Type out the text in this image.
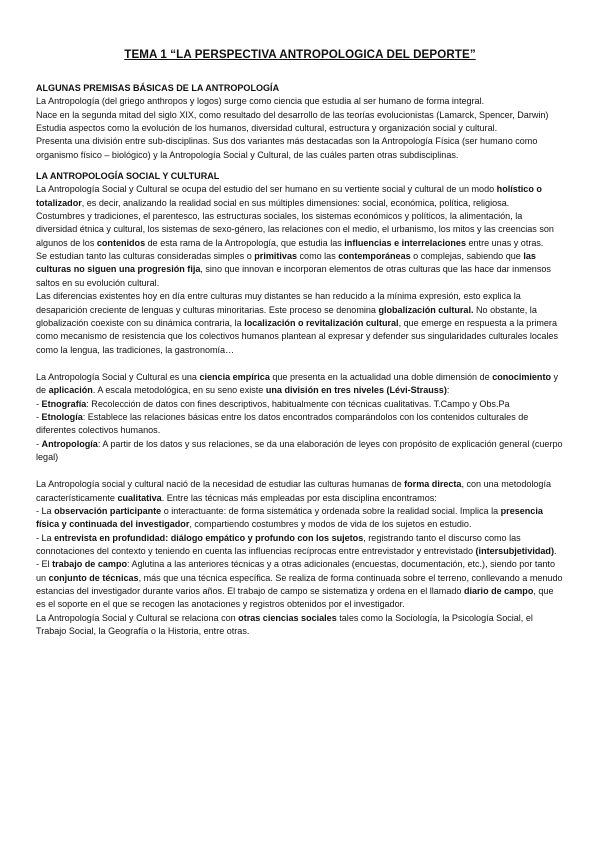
TEMA 1 “LA PERSPECTIVA ANTROPOLOGICA DEL DEPORTE”
ALGUNAS PREMISAS BÁSICAS DE LA ANTROPOLOGÍA

La Antropología (del griego anthropos y logos) surge como ciencia que estudia al ser humano de forma integral.

Nace en la segunda mitad del siglo XIX, como resultado del desarrollo de las teorías evolucionistas (Lamarck, Spencer, Darwin)

Estudia aspectos como la evolución de los humanos, diversidad cultural, estructura y organización social y cultural.

Presenta una división entre sub-disciplinas. Sus dos variantes más destacadas son la Antropología Física (ser humano como organismo físico – biológico) y la Antropología Social y Cultural, de las cuáles parten otras subdisciplinas.

LA ANTROPOLOGÍA SOCIAL Y CULTURAL

La Antropología Social y Cultural se ocupa del estudio del ser humano en su vertiente social y cultural de un modo holístico o totalizador, es decir, analizando la realidad social en sus múltiples dimensiones: social, económica, política, religiosa.

Costumbres y tradiciones, el parentesco, las estructuras sociales, los sistemas económicos y políticos, la alimentación, la diversidad étnica y cultural, los sistemas de sexo-género, las relaciones con el medio, el urbanismo, los mitos y las creencias son algunos de los contenidos de esta rama de la Antropología, que estudia las influencias e interrelaciones entre unas y otras.

Se estudian tanto las culturas consideradas simples o primitivas como las contemporáneas o complejas, sabiendo que las culturas no siguen una progresión fija, sino que innovan e incorporan elementos de otras culturas que las hace dar inmensos saltos en su evolución cultural.

Las diferencias existentes hoy en día entre culturas muy distantes se han reducido a la mínima expresión, esto explica la desaparición creciente de lenguas y culturas minoritarias. Este proceso se denomina globalización cultural. No obstante, la globalización coexiste con su dinámica contraria, la localización o revitalización cultural, que emerge en respuesta a la primera como mecanismo de resistencia que los colectivos humanos plantean al expresar y defender sus singularidades culturales locales como la lengua, las tradiciones, la gastronomía…

La Antropología Social y Cultural es una ciencia empírica que presenta en la actualidad una doble dimensión de conocimiento y de aplicación. A escala metodológica, en su seno existe una división en tres niveles (Lévi-Strauss):

- Etnografía: Recolección de datos con fines descriptivos, habitualmente con técnicas cualitativas. T.Campo y Obs.Pa

- Etnología: Establece las relaciones básicas entre los datos encontrados comparándolos con los contenidos culturales de diferentes colectivos humanos.

- Antropología: A partir de los datos y sus relaciones, se da una elaboración de leyes con propósito de explicación general (cuerpo legal)

La Antropología social y cultural nació de la necesidad de estudiar las culturas humanas de forma directa, con una metodología característicamente cualitativa. Entre las técnicas más empleadas por esta disciplina encontramos:

- La observación participante o interactuante: de forma sistemática y ordenada sobre la realidad social. Implica la presencia física y continuada del investigador, compartiendo costumbres y modos de vida de los sujetos en estudio.

- La entrevista en profundidad: diálogo empático y profundo con los sujetos, registrando tanto el discurso como las connotaciones del contexto y teniendo en cuenta las influencias recíprocas entre entrevistador y entrevistado (intersubjetividad).

- El trabajo de campo: Aglutina a las anteriores técnicas y a otras adicionales (encuestas, documentación, etc.), siendo por tanto un conjunto de técnicas, más que una técnica específica. Se realiza de forma continuada sobre el terreno, conllevando a menudo estancias del investigador durante varios años. El trabajo de campo se sistematiza y ordena en el llamado diario de campo, que es el soporte en el que se recogen las anotaciones y registros obtenidos por el investigador.

La Antropología Social y Cultural se relaciona con otras ciencias sociales tales como la Sociología, la Psicología Social, el Trabajo Social, la Geografía o la Historia, entre otras.
